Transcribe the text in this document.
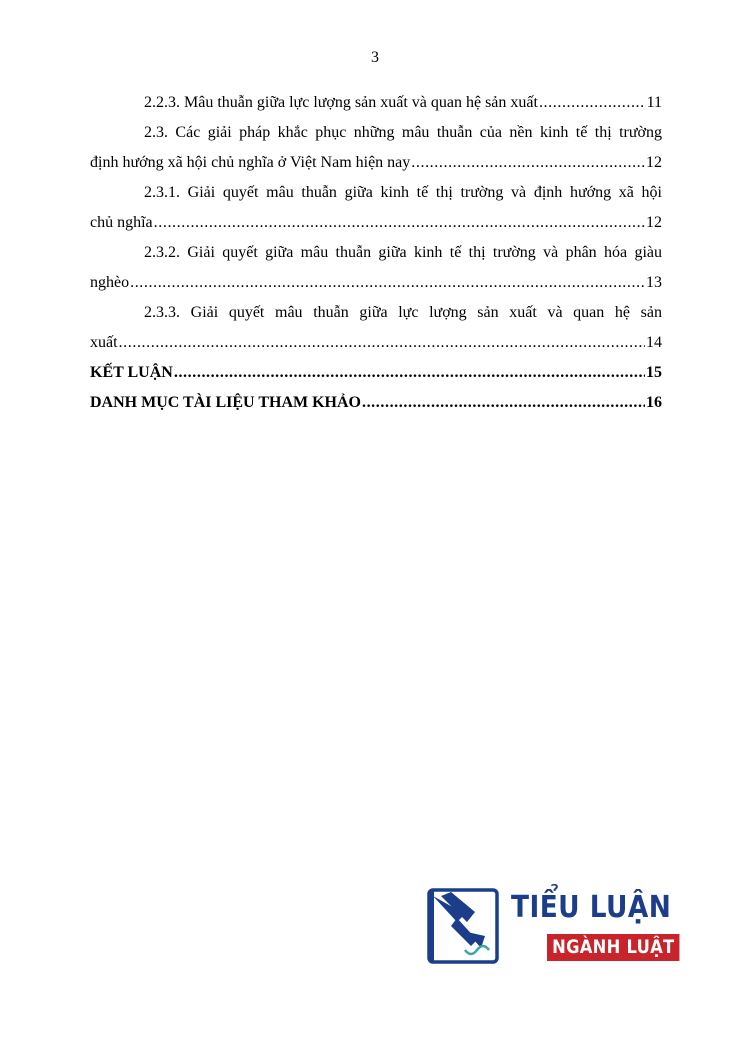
3
2.2.3. Mâu thuẫn giữa lực lượng sản xuất và quan hệ sản xuất .....	11
2.3. Các giải pháp khắc phục những mâu thuẫn của nền kinh tế thị trường
định hướng xã hội chủ nghĩa ở Việt Nam hiện nay .....	12
2.3.1. Giải quyết mâu thuẫn giữa kinh tế thị trường và định hướng xã hội
chủ nghĩa .....	12
2.3.2. Giải quyết giữa mâu thuẫn giữa kinh tế thị trường và phân hóa giàu
nghèo .....	13
2.3.3. Giải quyết mâu thuẫn giữa lực lượng sản xuất và quan hệ sản
xuất .....	14
KẾT LUẬN .....	15
DANH MỤC TÀI LIỆU THAM KHẢO .....	16
TIỂU LUẬN
NGÀNH LUẬT
